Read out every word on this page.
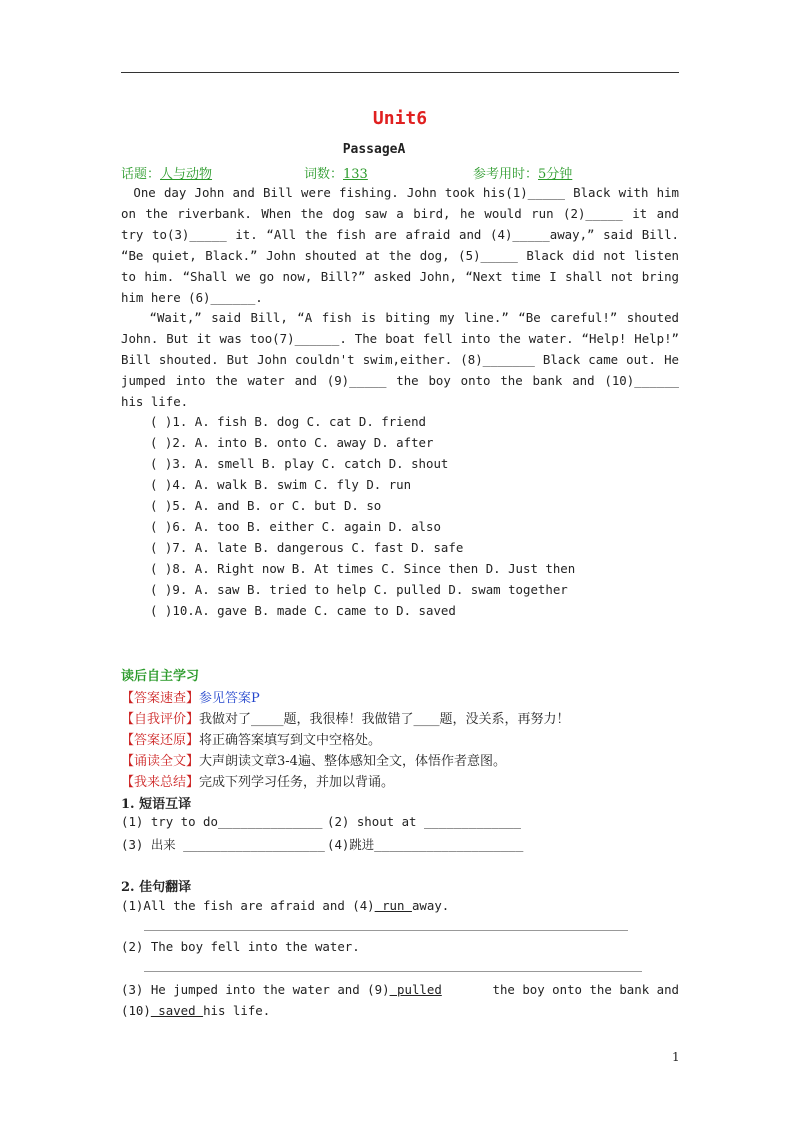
Unit6
PassageA
话题：人与动物	词数：133	参考用时：5分钟

One day John and Bill were fishing. John took his(1)_____ Black with him on the riverbank. When the dog saw a bird, he would run (2)_____ it and try to(3)_____ it. “All the fish are afraid and (4)_____away,” said Bill. “Be quiet, Black.” John shouted at the dog, (5)_____ Black did not listen to him. “Shall we go now, Bill?” asked John, “Next time I shall not bring him here (6)______.

“Wait,” said Bill, “A fish is biting my line.” “Be careful!” shouted John. But it was too(7)______. The boat fell into the water. “Help! Help!” Bill shouted. But John couldn't swim,either. (8)_______ Black came out. He jumped into the water and (9)_____ the boy onto the bank and (10)______ his life.

( )1. A. fish B. dog C. cat D. friend
( )2. A. into B. onto C. away D. after
( )3. A. smell B. play C. catch D. shout
( )4. A. walk B. swim C. fly D. run
( )5. A. and B. or C. but D. so
( )6. A. too B. either C. again D. also
( )7. A. late B. dangerous C. fast D. safe
( )8. A. Right now B. At times C. Since then D. Just then
( )9. A. saw B. tried to help C. pulled D. swam together
( )10.A. gave B. made C. came to D. saved
读后自主学习
【答案速查】参见答案P
【自我评价】我做对了_____题，我很棒！我做错了____题，没关系，再努力！
【答案还原】将正确答案填写到文中空格处。
【诵读全文】大声朗读文章3-4遍、整体感知全文，体悟作者意图。
【我来总结】完成下列学习任务，并加以背诵。
1. 短语互译
(1) try to do______________ (2) shout at _____________
(3) 出来 ___________________ (4)跳进____________________
2. 佳句翻译
(1)All the fish are afraid and (4) run away.
(2) The boy fell into the water.
(3) He jumped into the water and (9) pulled	the boy onto the bank and
(10) saved his life.
1
